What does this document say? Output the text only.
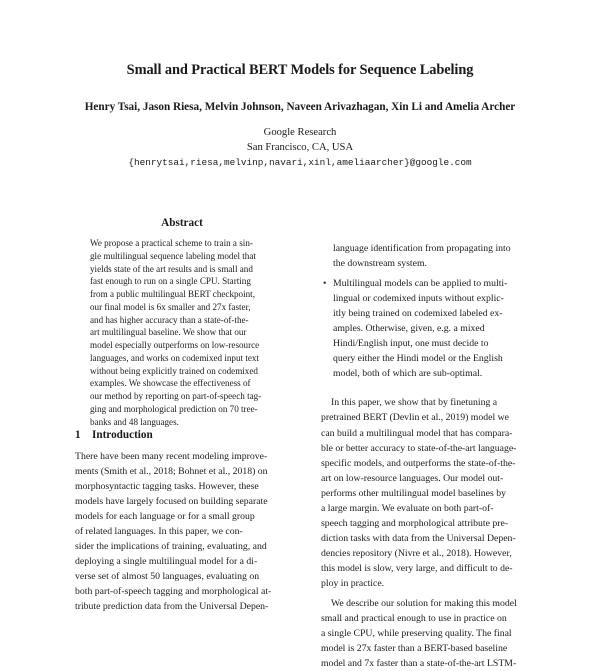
Small and Practical BERT Models for Sequence Labeling
Henry Tsai, Jason Riesa, Melvin Johnson, Naveen Arivazhagan, Xin Li and Amelia Archer
Google Research
San Francisco, CA, USA
{henrytsai,riesa,melvinp,navari,xinl,ameliaarcher}@google.com
Abstract
We propose a practical scheme to train a sin-
gle multilingual sequence labeling model that
yields state of the art results and is small and
fast enough to run on a single CPU. Starting
from a public multilingual BERT checkpoint,
our final model is 6x smaller and 27x faster,
and has higher accuracy than a state-of-the-
art multilingual baseline. We show that our
model especially outperforms on low-resource
languages, and works on codemixed input text
without being explicitly trained on codemixed
examples. We showcase the effectiveness of
our method by reporting on part-of-speech tag-
ging and morphological prediction on 70 tree-
banks and 48 languages.
1 Introduction
There have been many recent modeling improve-
ments (Smith et al., 2018; Bohnet et al., 2018) on
morphosyntactic tagging tasks. However, these
models have largely focused on building separate
models for each language or for a small group
of related languages. In this paper, we con-
sider the implications of training, evaluating, and
deploying a single multilingual model for a di-
verse set of almost 50 languages, evaluating on
both part-of-speech tagging and morphological at-
tribute prediction data from the Universal Depen-
language identification from propagating into
the downstream system.
• Multilingual models can be applied to multi-
lingual or codemixed inputs without explic-
itly being trained on codemixed labeled ex-
amples. Otherwise, given, e.g. a mixed
Hindi/English input, one must decide to
query either the Hindi model or the English
model, both of which are sub-optimal.
In this paper, we show that by finetuning a
pretrained BERT (Devlin et al., 2019) model we
can build a multilingual model that has compara-
ble or better accuracy to state-of-the-art language-
specific models, and outperforms the state-of-the-
art on low-resource languages. Our model out-
performs other multilingual model baselines by
a large margin. We evaluate on both part-of-
speech tagging and morphological attribute pre-
diction tasks with data from the Universal Depen-
dencies repository (Nivre et al., 2018). However,
this model is slow, very large, and difficult to de-
ploy in practice.
We describe our solution for making this model
small and practical enough to use in practice on
a single CPU, while preserving quality. The final
model is 27x faster than a BERT-based baseline
model and 7x faster than a state-of-the-art LSTM-
